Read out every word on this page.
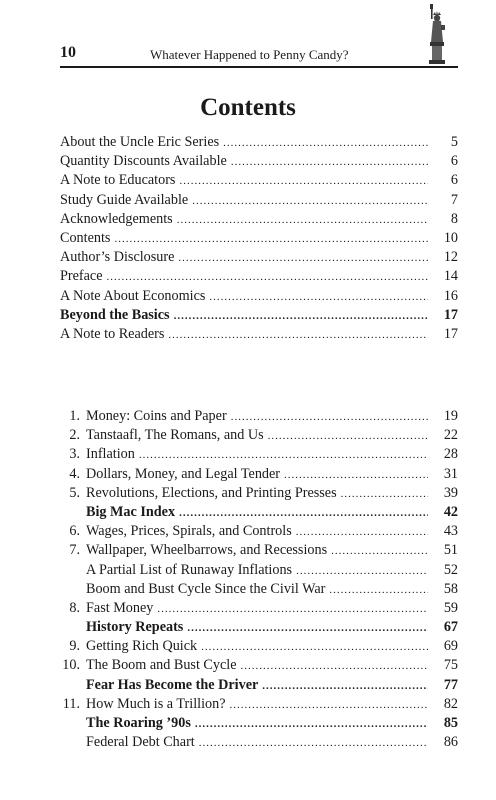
10	Whatever Happened to Penny Candy?
Contents
About the Uncle Eric Series .....	5
Quantity Discounts Available .....	6
A Note to Educators .....	6
Study Guide Available .....	7
Acknowledgements .....	8
Contents .....	10
Author’s Disclosure .....	12
Preface .....	14
A Note About Economics .....	16
Beyond the Basics .....	17
A Note to Readers .....	17
1. Money: Coins and Paper .....	19
2. Tanstaafl, The Romans, and Us .....	22
3. Inflation .....	28
4. Dollars, Money, and Legal Tender .....	31
5. Revolutions, Elections, and Printing Presses .....	39
Big Mac Index .....	42
6. Wages, Prices, Spirals, and Controls .....	43
7. Wallpaper, Wheelbarrows, and Recessions .....	51
A Partial List of Runaway Inflations .....	52
Boom and Bust Cycle Since the Civil War .....	58
8. Fast Money .....	59
History Repeats .....	67
9. Getting Rich Quick .....	69
10. The Boom and Bust Cycle .....	75
Fear Has Become the Driver .....	77
11. How Much is a Trillion? .....	82
The Roaring ’90s .....	85
Federal Debt Chart .....	86
